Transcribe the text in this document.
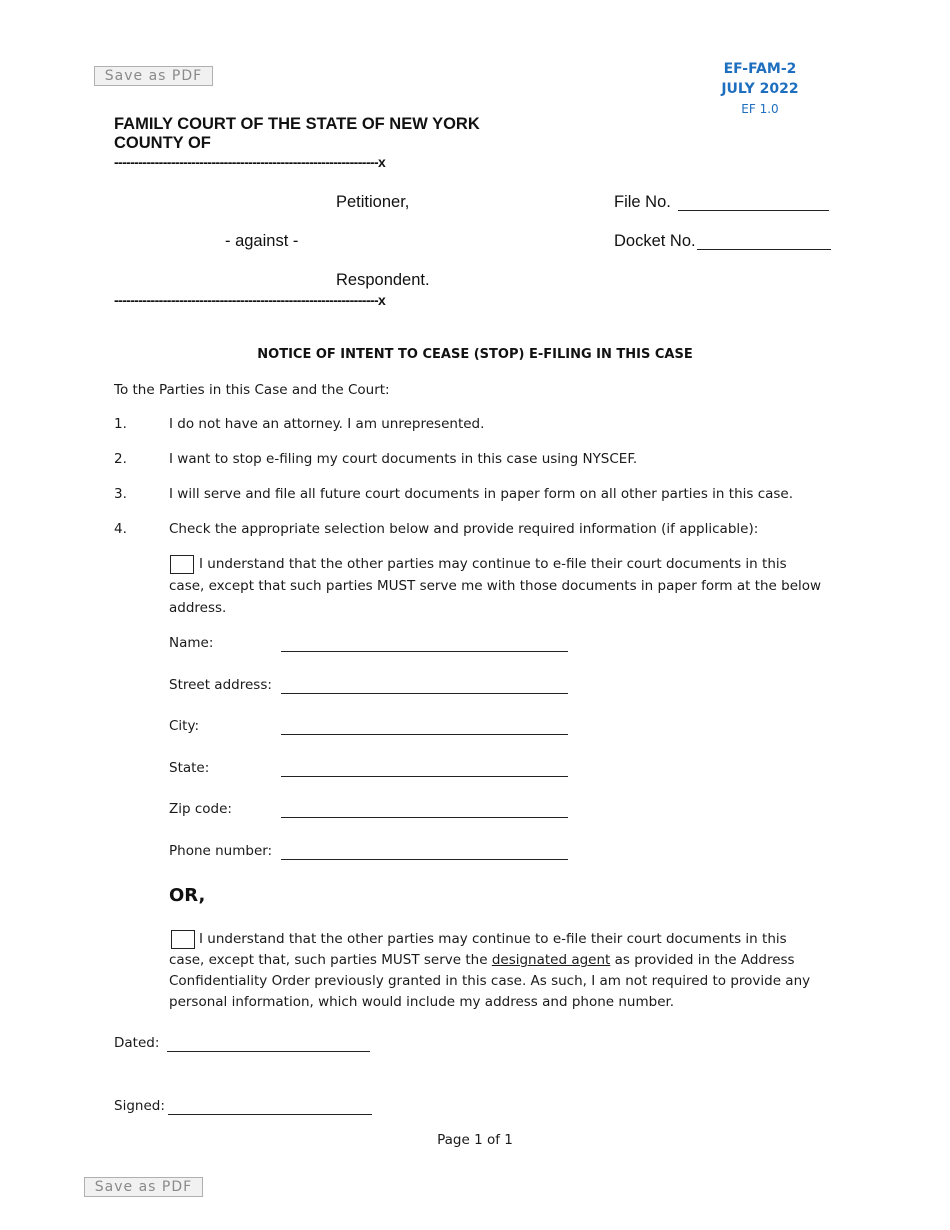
Save as PDF
Save as PDF
EF-FAM-2
JULY 2022
EF 1.0
FAMILY COURT OF THE STATE OF NEW YORK
COUNTY OF
-----------------------------------------------------------------x
Petitioner,
- against -
Respondent.
-----------------------------------------------------------------x
File No.
Docket No.
NOTICE OF INTENT TO CEASE (STOP) E-FILING IN THIS CASE
To the Parties in this Case and the Court:
1.	I do not have an attorney. I am unrepresented.
2.	I want to stop e-filing my court documents in this case using NYSCEF.
3.	I will serve and file all future court documents in paper form on all other parties in this case.
4.	Check the appropriate selection below and provide required information (if applicable):
I understand that the other parties may continue to e-file their court documents in this
case, except that such parties MUST serve me with those documents in paper form at the below
address.
Name:
Street address:
City:
State:
Zip code:
Phone number:
OR,
I understand that the other parties may continue to e-file their court documents in this
case, except that, such parties MUST serve the designated agent as provided in the Address
Confidentiality Order previously granted in this case. As such, I am not required to provide any
personal information, which would include my address and phone number.
Dated:
Signed:
Page 1 of 1
